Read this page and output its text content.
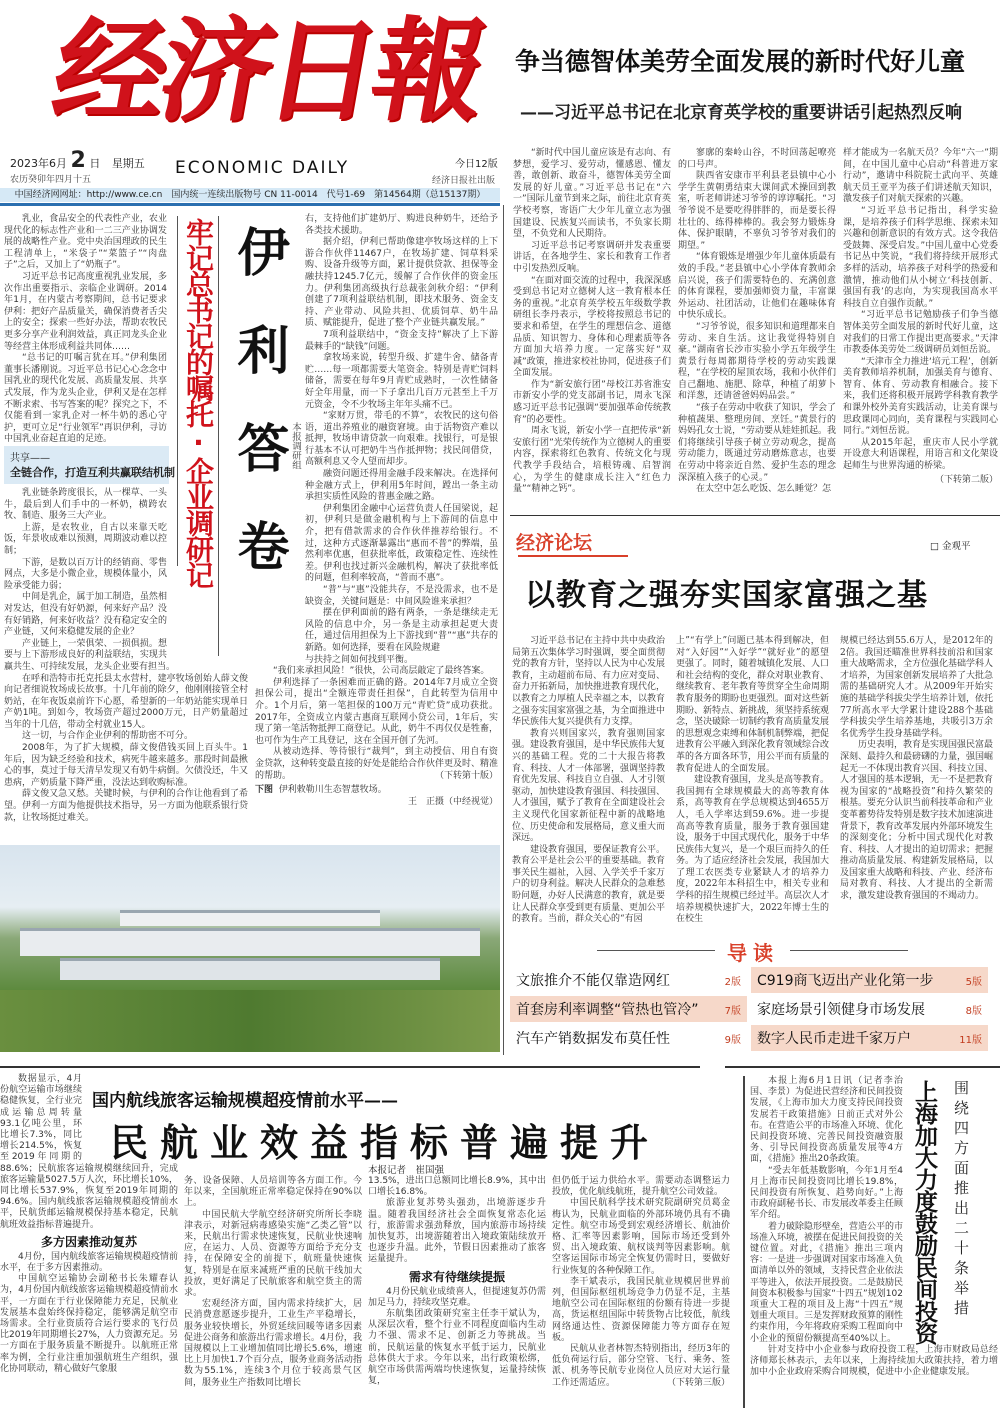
经济日報 争当德智体美劳全面发展的新时代好儿童
——习近平总书记在北京育英学校的重要讲话引起热烈反响
2023年6月 2 日 星期五
农历癸卯年四月十五
ECONOMIC DAILY	今日12版
经济日报社出版
中国经济网网址：http://www.ce.cn　国内统一连续出版物号 CN 11-0014　代号1-69　第14564期（总15137期）

“新时代中国儿童应该是有志向、有梦想，爱学习、爱劳动，懂感恩、懂友善，敢创新、敢奋斗，德智体美劳全面发展的好儿童。”习近平总书记在“六一”国际儿童节到来之际，前往北京育英学校考察，寄语广大少年儿童立志为强国建设、民族复兴而读书，不负家长期望，不负党和人民期待。

习近平总书记考察调研并发表重要讲话，在各地学生、家长和教育工作者中引发热烈反响。

“在面对面交流的过程中，我深深感受到总书记对立德树人这一教育根本任务的重视。”北京育英学校五年级数学教研组长李丹表示，学校将按照总书记的要求和希望，在学生的理想信念、道德品质、知识智力、身体和心理素质等各方面加大培养力度。一定落实好“双减”政策，推进家校社协同，促进孩子们全面发展。

作为“新安旅行团”母校江苏省淮安市新安小学的党支部副书记，周永飞深感习近平总书记强调“要加强革命传统教育”的必要性。

周永飞说，新安小学一直把传承“新安旅行团”光荣传统作为立德树人的重要内容，探索将红色教育、传统文化与现代教学手段结合，培根铸魂、启智润心，为学生的健康成长注入“红色力量”“精神之钙”。

寥廓的秦岭山谷，不时回荡起嘹亮的口号声。

陕西省安康市平利县老县镇中心小学学生黄朝勇结束大课间武术操回到教室，听老师讲述习爷爷的谆谆嘱托。“习爷爷说不是要吃得胖胖的，而是要长得壮壮的、练得棒棒的。我会努力锻炼身体、保护眼睛，不辜负习爷爷对我们的期望。”

“体育锻炼是增强少年儿童体质最有效的手段。”老县镇中心小学体育教师余启兴说，孩子们需要特色的、充满创意的体育课程，要加强师资力量，丰富课外运动、社团活动，让他们在趣味体育中快乐成长。

“习爷爷说，很多知识和道理都来自劳动、来自生活。这让我觉得特别自豪。”湖南省长沙市实验小学五年级学生黄景行每周都期待学校的劳动实践课程，“在学校的屋顶农场，我和小伙伴们自己翻地、施肥、除草，种植了胡萝卜和洋葱，还请爸爸妈妈品尝。”

“孩子在劳动中收获了知识，学会了种植蔬果、整理房间、烹饪。”黄景行的妈妈孔女士说，“劳动要从娃娃抓起。我们将继续引导孩子树立劳动观念，提高劳动能力，既通过劳动磨炼意志，也要在劳动中将亲近自然、爱护生态的理念深深植入孩子的心灵。”

在太空中怎么吃饭、怎么睡觉？怎

样才能成为一名航天员？今年“六一”期间，在中国儿童中心启动“科普进万家行动”，邀请中科院院士武向平、英雄航天员王亚平为孩子们讲述航天知识，激发孩子们对航天探索的兴趣。

“习近平总书记指出，科学实验课，是培养孩子们科学思维、探索未知兴趣和创新意识的有效方式。这令我倍受鼓舞、深受启发。”中国儿童中心党委书记丛中笑说，“我们将持续开展形式多样的活动，培养孩子对科学的热爱和激情，推动他们从小树立‘科技创新、强国有我’的志向，为实现我国高水平科技自立自强作贡献。”

“习近平总书记勉励孩子们争当德智体美劳全面发展的新时代好儿童，这对我们的日常工作提出更高要求。”天津市教委体美劳处二级调研员刘恒岳说。

“天津市全力推进‘培元工程’，创新美育教师培养机制，加强美育与德育、智育、体育、劳动教育相融合。接下来，我们还将积极开展跨学科教育教学和课外校外美育实践活动，让美育课与思政课同心同向，美育课程与实践同心同行。”刘恒岳说。

从2015年起，重庆市人民小学就开设意大利语课程，用语言和文化架设起师生与世界沟通的桥梁。

（下转第二版）

乳业，食品安全的代表性产业，农业现代化的标志性产业和一二三产业协调发展的战略性产业。党中央治国理政的民生工程清单上，“米袋子”“菜篮子”“肉盘子”之后，又加上了“奶瓶子”。

习近平总书记高度重视乳业发展，多次作出重要指示、亲临企业调研。2014年1月，在内蒙古考察期间，总书记要求伊利：把好产品质量关，确保消费者舌尖上的安全；探索一些好办法，帮助农牧民更多分享产业利润效益，真正同龙头企业等经营主体形成利益共同体……

“总书记的叮嘱言犹在耳。”伊利集团董事长潘刚说。习近平总书记心心念念中国乳业的现代化发展、高质量发展、共享式发展，作为龙头企业，伊利又是在怎样不断求索、书写答案的呢？探究之下，不仅能看到一家乳企对一杯牛奶的悉心守护，更可立足“行业领军”再识伊利，寻访中国乳业奋起直追的足迹。

共享——
全链合作，打造互利共赢联结机制

乳业链条跨度很长，从一棵草、一头牛，最后到人们手中的一杯奶，横跨农牧、制造、服务三大产业。

上游，是农牧业，自古以来靠天吃饭，年景收成难以预测，周期波动难以控制；

下游，是数以百万计的经销商、零售网点，大多是小微企业，规模体量小，风险承受能力弱；

中间是乳企，属于加工制造，虽然相对发达，但没有好奶源，何来好产品？没有好销路，何来好收益？没有稳定安全的产业链，又何来稳健发展的企业？

产业链上，一荣俱荣、一损俱损。想要与上下游形成良好的利益联结，实现共赢共生、可持续发展，龙头企业要有担当。

在呼和浩特市托克托县太水营村，建亭牧场创始人薛文俊向记者细说牧场成长故事。十几年前的除夕，他刚刚接管全村奶站，在年夜饭桌前许下心愿，希望新的一年奶站能实现单日产奶1吨。到如今，牧场资产超过2000万元，日产奶量超过当年的十几倍，带动全村就业15人。

这一切，与合作企业伊利的帮助密不可分。

2008年，为了扩大规模，薛文俊借钱买回上百头牛。1年后，因为缺乏经验和技术，病死牛越来越多。那段时间最揪心的事，莫过于每天清早发现又有奶牛病倒。欠债没还，牛又患病，产奶质量下降严重，没法达到收购标准。

薛文俊又急又愁。关键时候，与伊利的合作让他看到了希望。伊利一方面为他提供技术指导，另一方面为他联系银行贷款，让牧场挺过难关。

牢记总书记的嘱托·企业调研记 伊利答卷 本报调研组

右，支持他们扩建奶厅、购进良种奶牛，还给予各类技术援助。

据介绍，伊利已帮助像建亭牧场这样的上下游合作伙伴11467户，在牧场扩建、饲草料采购、设备升级等方面，累计提供贷款、担保等金融扶持1245.7亿元，缓解了合作伙伴的资金压力。伊利集团高级执行总裁张剑秋介绍：“伊利创建了7项利益联结机制，即技术服务、资金支持、产业带动、风险共担、优质饲草、奶牛品质、赋能提升，促进了整个产业链共赢发展。”

7项利益联结中，“资金支持”解决了上下游最棘手的“缺钱”问题。

拿牧场来说，转型升级、扩建牛舍、储备青贮……每一项都需要大笔资金。特别是青贮饲料储备，需要在每年9月青贮成熟时，一次性储备好全年用量，而一下子拿出几百万元甚至上千万元资金，令不少牧场主年年头痛不已。

“家财万贯，带毛的不算”，农牧民的这句俗语，道出养殖业的融资窘境。由于活物资产难以抵押，牧场申请贷款一向艰难。找银行，可是银行基本不认可把奶牛当作抵押物；找民间借贷，高额利息又令人望而却步。

融资问题还得用金融手段来解决。在选择何种金融方式上，伊利用5年时间，蹚出一条主动承担实质性风险的普惠金融之路。

伊利集团金融中心运营负责人任国梁说，起初，伊利只是做金融机构与上下游间的信息中介，把有借款需求的合作伙伴推荐给银行。不过，这种方式逐渐暴露出“惠而不普”的弊端，虽然利率优惠，但获批率低，政策稳定性、连续性差。伊利也找过新兴金融机构，解决了获批率低的问题，但利率较高，“普而不惠”。

“普”与“惠”没能共存，不是没需求，也不是缺资金，关键问题是：中间风险谁来承担？

摆在伊利面前的路有两条，一条是继续走无风险的信息中介，另一条是主动承担起更大责任，通过信用担保为上下游找到“普”“惠”共存的新路。如何选择，要看在风险规避

与扶持之间如何找到平衡。

“我们来承担风险！”很快，公司高层敲定了最终答案。

伊利选择了一条困难而正确的路。2014年7月成立全资担保公司，提出“全额连带责任担保”，自此转型为信用中介。1个月后，第一笔担保的100万元“青贮贷”成功获批。2017年，全资成立内蒙古惠商互联网小贷公司，1年后，实现了第一笔活物抵押工商登记。从此，奶牛不再仅仅是牲畜，也可作为生产工具登记，这在全国开创了先河。

从被动选择、等待银行“裁判”，到主动授信、用自有资金贷款，这种转变最直接的好处是能给合作伙伴更及时、精准的帮助。	（下转第十版）

下图 伊利敕勒川生态智慧牧场。
王　正摄（中经视觉）
经济论坛	□ 金观平
以教育之强夯实国家富强之基

习近平总书记在主持中共中央政治局第五次集体学习时强调，要全面贯彻党的教育方针，坚持以人民为中心发展教育，主动超前布局、有力应对变局、奋力开拓新局，加快推进教育现代化，以教育之力厚植人民幸福之本，以教育之强夯实国家富强之基，为全面推进中华民族伟大复兴提供有力支撑。

教育兴则国家兴，教育强则国家强。建设教育强国，是中华民族伟大复兴的基础工程。党的二十大报告将教育、科技、人才一体部署，强调坚持教育优先发展、科技自立自强、人才引领驱动，加快建设教育强国、科技强国、人才强国，赋予了教育在全面建设社会主义现代化国家新征程中新的战略地位、历史使命和发展格局，意义重大而深远。

建设教育强国，要保证教育公平。教育公平是社会公平的重要基础。教育事关民生福祉，入园、入学关乎千家万户的切身利益。解决人民群众的急难愁盼问题，办好人民满意的教育，就是要让人民群众享受到更有质量、更加公平的教育。当前，群众关心的“有园

上”“有学上”问题已基本得到解决，但对“入好园”“入好学”“就好业”的愿望更强了。同时，随着城镇化发展、人口和社会结构的变化，群众对职业教育、继续教育、老年教育等贯穿全生命周期教育服务的期盼也更强烈。面对这些新期盼、新特点、新挑战，须坚持系统观念，坚决破除一切制约教育高质量发展的思想观念束缚和体制机制弊端，把促进教育公平融入到深化教育领域综合改革的各方面各环节，用公平而有质量的教育促进人的全面发展。

建设教育强国，龙头是高等教育。我国拥有全球规模最大的高等教育体系，高等教育在学总规模达到4655万人，毛入学率达到59.6%。进一步提高高等教育质量，服务于教育强国建设，服务于中国式现代化，服务于中华民族伟大复兴，是一个艰巨而持久的任务。为了适应经济社会发展，我国加大了理工农医类专业紧缺人才的培养力度，2022年本科招生中，相关专业和学科的招生规模已经过半。高层次人才培养规模快速扩大，2022年博士生的在校生

规模已经达到55.6万人，是2012年的2倍。我国还瞄准世界科技前沿和国家重大战略需求，全方位强化基础学科人才培养，为国家创新发展培养了大批急需的基础研究人才。从2009年开始实施的基础学科拔尖学生培养计划，依托77所高水平大学累计建设288个基础学科拔尖学生培养基地，共吸引3万余名优秀学生投身基础学科。

历史表明，教育是实现国强民富最深刻、最持久和最磅礴的力量，强国崛起无一不体现出教育兴国、科技立国、人才强国的基本逻辑，无一不是把教育视为国家的“战略投资”和持久繁荣的根基。要充分认识当前科技革命和产业变革蓄势待发特别是数字技术加速演进背景下，教育改革发展内外部环境发生的深刻变化；分析中国式现代化对教育、科技、人才提出的迫切需求；把握推动高质量发展、构建新发展格局，以及国家重大战略和科技、产业、经济布局对教育、科技、人才提出的全新需求，激发建设教育强国的不竭动力。

导读
文旅推介不能仅靠造网红	2版 C919商飞迈出产业化第一步	5版
首套房利率调整“管热也管冷”	7版 家庭场景引领健身市场发展	8版
汽车产销数据发布莫任性	9版 数字人民币走进千家万户	11版
国内航线旅客运输规模超疫情前水平——
民航业效益指标普遍提升
本报记者　崔国强

数据显示，4月份航空运输市场继续稳健恢复，全行业完成运输总周转量93.1亿吨公里，环比增长7.3%，同比增长214.5%，恢复至2019年同期的88.6%；民航旅客运输规模继续回升，完成旅客运输量5027.5万人次，环比增长10%，同比增长537.9%，恢复至2019年同期的94.6%。国内航线旅客运输规模超疫情前水平，民航货邮运输规模保持基本稳定，民航航班效益指标普遍提升。

多方因素推动复苏

4月份，国内航线旅客运输规模超疫情前水平，在于多方因素推动。

中国航空运输协会副秘书长朱耀春认为，4月份国内航线旅客运输规模超疫情前水平，一方面在于行业保障能力充足，民航业发展基本盘始终保持稳定，能够满足航空市场需求。全行业资质符合运行要求的飞行员比2019年同期增长27%，人力资源充足。另一方面在于服务质量不断提升。以航班正常率为例，全行业注重加强航班生产组织，强化协同联动，精心做好气象服

务、设备保障、人员培训等各方面工作。今年以来，全国航班正常率稳定保持在90%以上。

中国民航大学航空经济研究所所长李晓津表示，对新冠病毒感染实施“乙类乙管”以来，民航出行需求快速恢复，民航业快速响应，在运力、人员、资源等方面给予充分支持，在保障安全的前提下，航班量快速恢复，特别是在原来减班严重的民航干线加大投放，更好满足了民航旅客和航空货主的需求。

宏观经济方面，国内需求持续扩大，居民消费意愿逐步提升，工业生产平稳增长，服务业较快增长，外贸延续回暖等诸多因素促进公商务和旅游出行需求增长。4月份，我国规模以上工业增加值同比增长5.6%，增速比上月加快1.7个百分点，服务业商务活动指数为55.1%，连续3个月位于较高景气区间，服务业生产指数同比增长

13.5%，进出口总额同比增长8.9%，其中出口增长16.8%。

旅游业复苏势头强劲，出境游逐步升温。随着我国经济社会全面恢复常态化运行，旅游需求强劲释放，国内旅游市场持续加快复苏，出境游随着出入境政策陆续放开也逐步升温。此外，节假日因素推动了旅客运量提升。

需求有待继续提振

4月份民航业成绩喜人，但提速复苏仍需加足马力，持续攻坚克难。

东航集团政策研究室主任李干斌认为，从深层次看，整个行业不同程度面临内生动力不强、需求不足、创新乏力等挑战。当前，民航运量的恢复水平低于运力，民航业总体供大于求。今年以来，出行政策松绑，航空市场供需两端均快速恢复，运量持续恢复，

但仍低于运力供给水平。需要动态调整运力投放，优化航线航班，提升航空公司效益。

中国民航科学技术研究院副研究员葛金梅认为，民航业面临的外部环境仍具有不确定性。航空市场受到宏观经济增长、航油价格、汇率等因素影响，国际市场还受到外贸、出入境政策、航权谈判等因素影响。航空客运国际市场完全恢复仍需时日，要做好行业恢复的各种保障工作。

李干斌表示，我国民航业规模居世界前列，但国际枢纽机场竞争力仍显不足，主基地航空公司在国际枢纽的份额有待进一步提高，货运枢纽国际中转货物占比较低，航线网络通达性、资源保障能力等方面存在短板。

民航从业者林智杰特别指出，经历3年的低负荷运行后，部分空管、飞行、乘务、签派、机务等民航专业岗位人员应对大运行量工作还需适应。	（下转第三版）

本报上海6月1日讯（记者李治国、李景）为促进民营经济和民间投资发展，《上海市加大力度支持民间投资发展若干政策措施》日前正式对外公布。在营造公平的市场准入环境、优化民间投资环境、完善民间投资融资服务、引导民间投资高质量发展等4方面，《措施》推出20条政策。

“受去年低基数影响，今年1月至4月上海市民间投资同比增长19.8%，民间投资有所恢复、趋势向好。”上海市政府副秘书长、市发展改革委主任顾军介绍。

着力破除隐形壁垒，营造公平的市场准入环境，被摆在促进民间投资的关键位置。对此，《措施》推出三项内容：一是进一步强调对国家市场准入负面清单以外的领域，支持民营企业依法平等进入，依法开展投资。二是鼓励民间资本积极参与国家“十四五”规划102项重大工程的项目及上海“十四五”规划重大项目。三是发挥财政预算的刚性约束作用，今年将政府采购工程面向中小企业的预留份额提高至40%以上。

针对支持中小企业参与政府投资工程，上海市财政局总经济师郑长林表示，去年以来，上海持续加大政策扶持，着力增加中小企业政府采购合同规模，促进中小企业健康发展。

上海加大力度鼓励民间投资 围绕四方面推出二十条举措
